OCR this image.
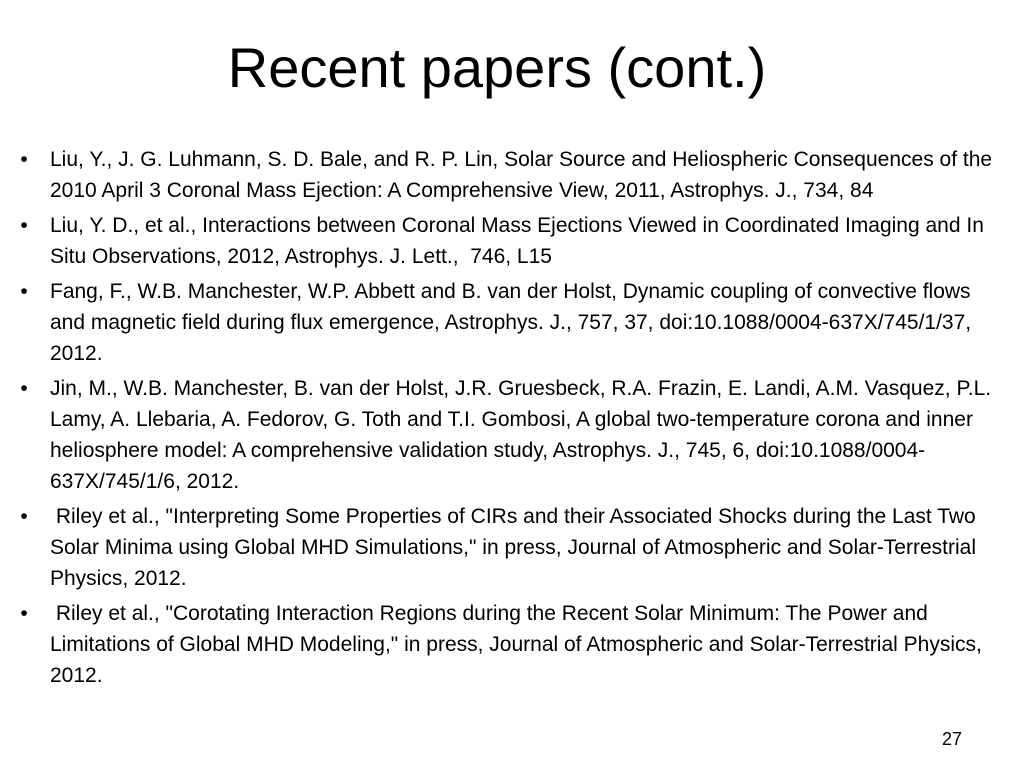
Recent papers (cont.)
•	Liu, Y., J. G. Luhmann, S. D. Bale, and R. P. Lin, Solar Source and Heliospheric Consequences of the 2010 April 3 Coronal Mass Ejection: A Comprehensive View, 2011, Astrophys. J., 734, 84
•	Liu, Y. D., et al., Interactions between Coronal Mass Ejections Viewed in Coordinated Imaging and In Situ Observations, 2012, Astrophys. J. Lett.,  746, L15
•	Fang, F., W.B. Manchester, W.P. Abbett and B. van der Holst, Dynamic coupling of convective flows and magnetic field during flux emergence, Astrophys. J., 757, 37, doi:10.1088/0004-637X/745/1/37, 2012.
•	Jin, M., W.B. Manchester, B. van der Holst, J.R. Gruesbeck, R.A. Frazin, E. Landi, A.M. Vasquez, P.L. Lamy, A. Llebaria, A. Fedorov, G. Toth and T.I. Gombosi, A global two-temperature corona and inner heliosphere model: A comprehensive validation study, Astrophys. J., 745, 6, doi:10.1088/0004-637X/745/1/6, 2012.
•	Riley et al., "Interpreting Some Properties of CIRs and their Associated Shocks during the Last Two Solar Minima using Global MHD Simulations," in press, Journal of Atmospheric and Solar-Terrestrial Physics, 2012.
•	Riley et al., "Corotating Interaction Regions during the Recent Solar Minimum: The Power and Limitations of Global MHD Modeling," in press, Journal of Atmospheric and Solar-Terrestrial Physics, 2012.
27
